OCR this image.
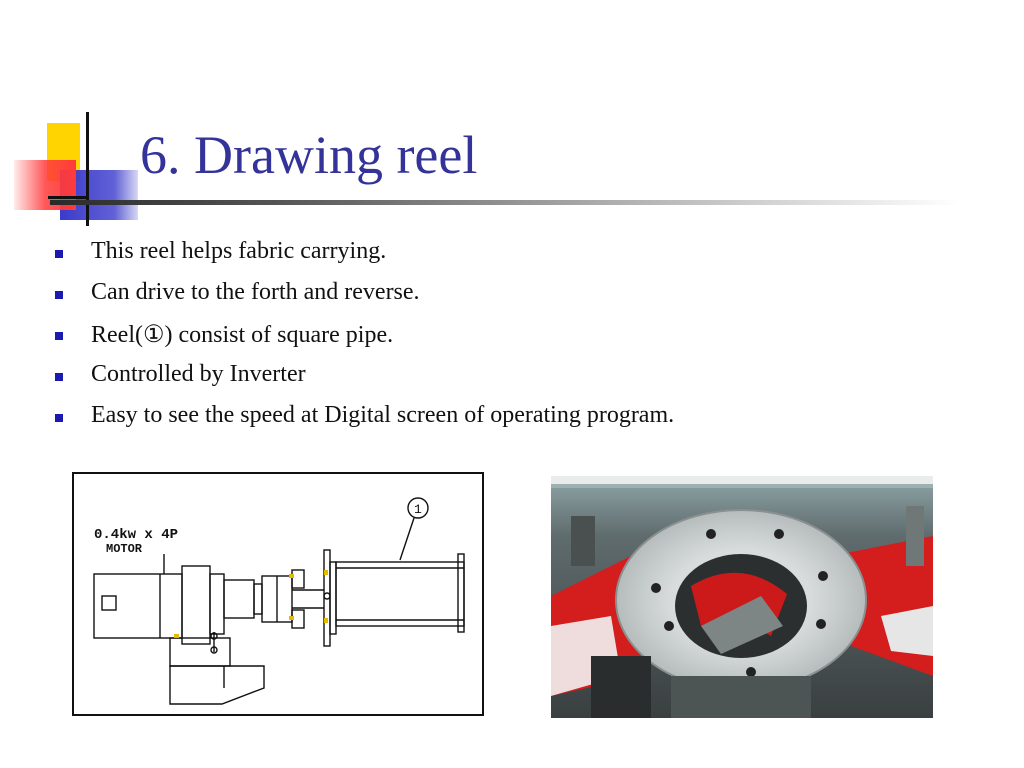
6. Drawing reel
This reel helps fabric carrying.
Can drive to the forth and reverse.
Reel(①) consist of square pipe.
Controlled by Inverter
Easy to see the speed at Digital screen of operating program.
0.4kw x 4P
MOTOR
1
